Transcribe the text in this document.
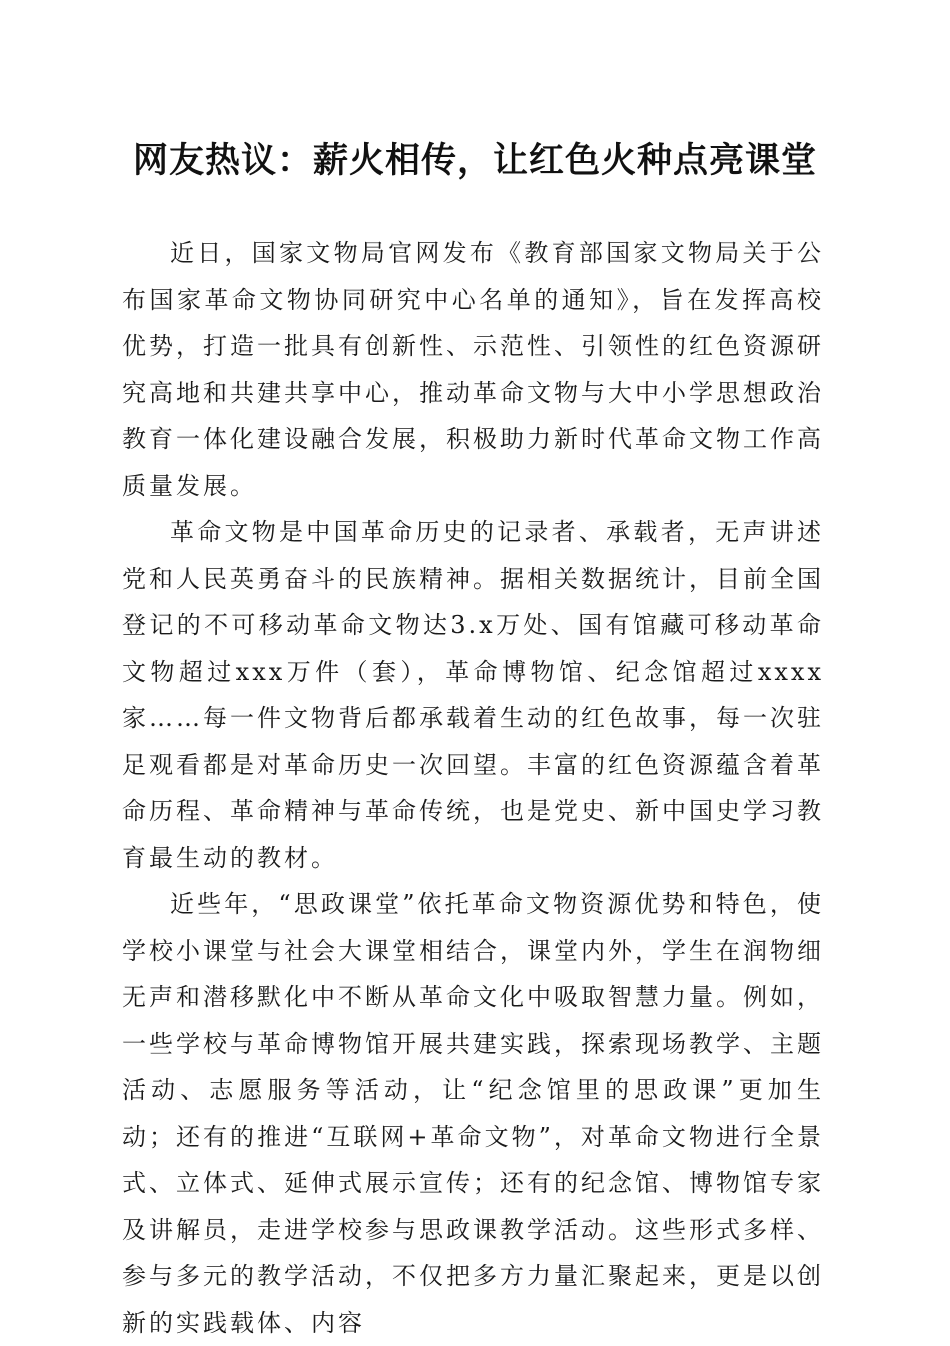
网友热议：薪火相传，让红色火种点亮课堂

近日，国家文物局官网发布《教育部国家文物局关于公布国家革命文物协同研究中心名单的通知》，旨在发挥高校优势，打造一批具有创新性、示范性、引领性的红色资源研究高地和共建共享中心，推动革命文物与大中小学思想政治教育一体化建设融合发展，积极助力新时代革命文物工作高质量发展。

革命文物是中国革命历史的记录者、承载者，无声讲述党和人民英勇奋斗的民族精神。据相关数据统计，目前全国登记的不可移动革命文物达3.x万处、国有馆藏可移动革命文物超过xxx万件（套），革命博物馆、纪念馆超过xxxx家……每一件文物背后都承载着生动的红色故事，每一次驻足观看都是对革命历史一次回望。丰富的红色资源蕴含着革命历程、革命精神与革命传统，也是党史、新中国史学习教育最生动的教材。

近些年，“思政课堂”依托革命文物资源优势和特色，使学校小课堂与社会大课堂相结合，课堂内外，学生在润物细无声和潜移默化中不断从革命文化中吸取智慧力量。例如，一些学校与革命博物馆开展共建实践，探索现场教学、主题活动、志愿服务等活动，让“纪念馆里的思政课”更加生动；还有的推进“互联网+革命文物”，对革命文物进行全景式、立体式、延伸式展示宣传；还有的纪念馆、博物馆专家及讲解员，走进学校参与思政课教学活动。这些形式多样、参与多元的教学活动，不仅把多方力量汇聚起来，更是以创新的实践载体、内容
